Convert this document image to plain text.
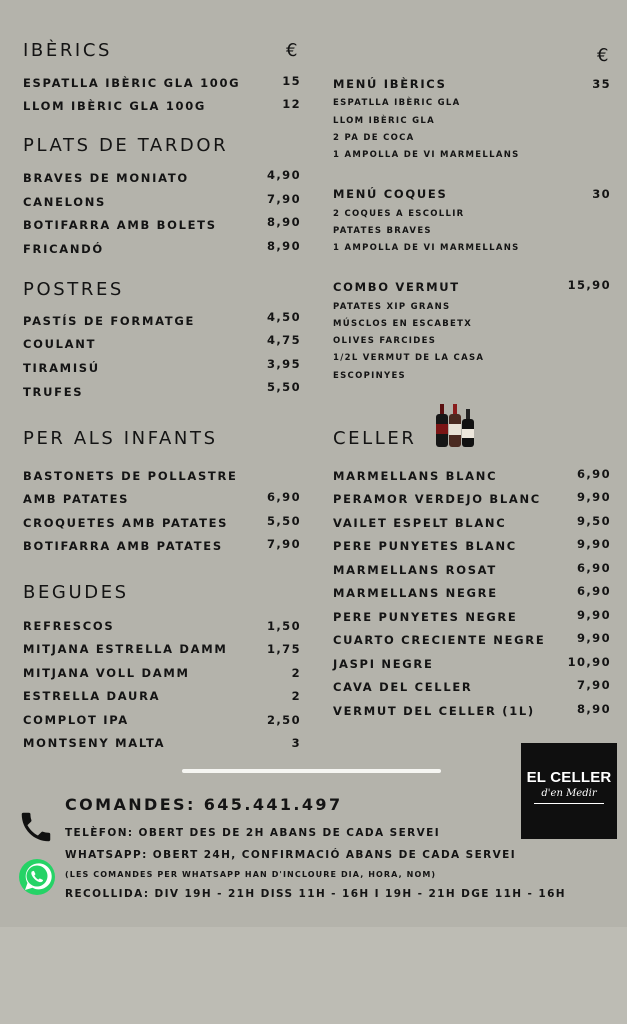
IBÈRICS	€
ESPATLLA IBÈRIC GLA 100G	15
LLOM IBÈRIC GLA 100G	12
PLATS DE TARDOR
BRAVES DE MONIATO	4,90
CANELONS	7,90
BOTIFARRA AMB BOLETS	8,90
FRICANDÓ	8,90
POSTRES
PASTÍS DE FORMATGE	4,50
COULANT	4,75
TIRAMISÚ	3,95
TRUFES	5,50
PER ALS INFANTS
BASTONETS DE POLLASTRE
AMB PATATES	6,90
CROQUETES AMB PATATES	5,50
BOTIFARRA AMB PATATES	7,90
BEGUDES
REFRESCOS	1,50
MITJANA ESTRELLA DAMM	1,75
MITJANA VOLL DAMM	2
ESTRELLA DAURA	2
COMPLOT IPA	2,50
MONTSENY MALTA	3
€
MENÚ IBÈRICS	35
ESPATLLA IBÈRIC GLA
LLOM IBÈRIC GLA
2 PA DE COCA
1 AMPOLLA DE VI MARMELLANS
MENÚ COQUES	30
2 COQUES A ESCOLLIR
PATATES BRAVES
1 AMPOLLA DE VI MARMELLANS
COMBO VERMUT	15,90
PATATES XIP GRANS
MÚSCLOS EN ESCABETX
OLIVES FARCIDES
1/2L VERMUT DE LA CASA
ESCOPINYES
CELLER
MARMELLANS BLANC	6,90
PERAMOR VERDEJO BLANC	9,90
VAILET ESPELT BLANC	9,50
PERE PUNYETES BLANC	9,90
MARMELLANS ROSAT	6,90
MARMELLANS NEGRE	6,90
PERE PUNYETES NEGRE	9,90
CUARTO CRECIENTE NEGRE	9,90
JASPI NEGRE	10,90
CAVA DEL CELLER	7,90
VERMUT DEL CELLER (1L)	8,90
EL CELLER
d'en Medir
COMANDES: 645.441.497
TELÈFON: OBERT DES DE 2H ABANS DE CADA SERVEI
WHATSAPP: OBERT 24H, CONFIRMACIÓ ABANS DE CADA SERVEI
(LES COMANDES PER WHATSAPP HAN D'INCLOURE DIA, HORA, NOM)
RECOLLIDA: DIV 19H - 21H DISS 11H - 16H I 19H - 21H DGE 11H - 16H
